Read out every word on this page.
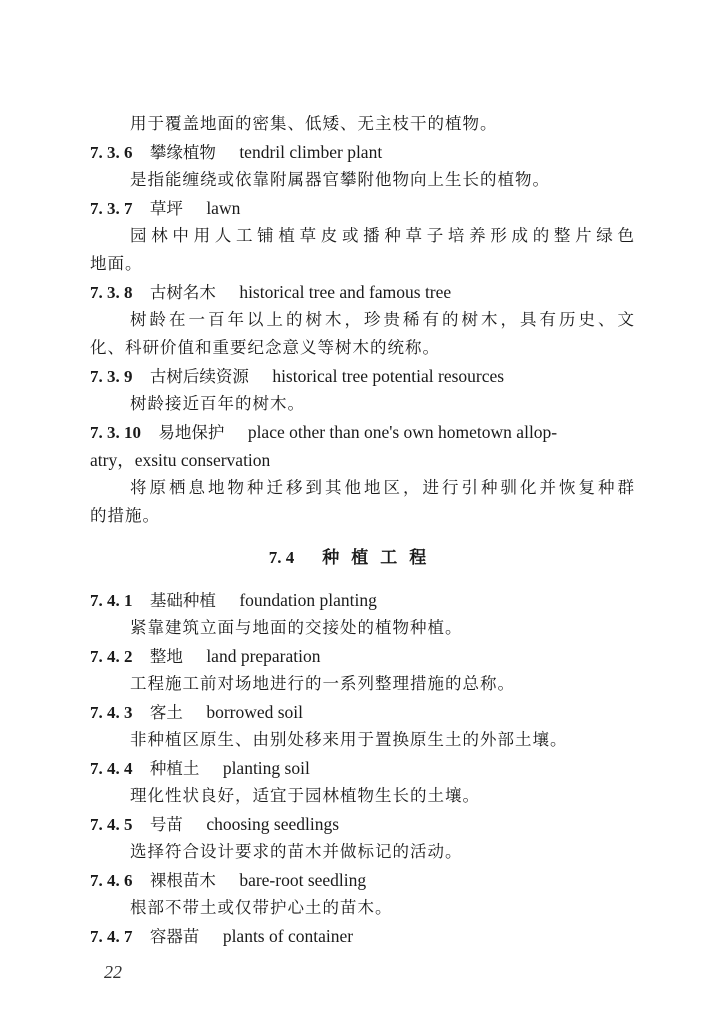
用于覆盖地面的密集、低矮、无主枝干的植物。
7. 3. 6 攀缘植物 tendril climber plant
是指能缠绕或依靠附属器官攀附他物向上生长的植物。
7. 3. 7 草坪 lawn
园林中用人工铺植草皮或播种草子培养形成的整片绿色
地面。
7. 3. 8 古树名木 historical tree and famous tree
树龄在一百年以上的树木，珍贵稀有的树木，具有历史、文
化、科研价值和重要纪念意义等树木的统称。
7. 3. 9 古树后续资源 historical tree potential resources
树龄接近百年的树木。
7. 3. 10 易地保护 place other than one's own hometown allop-
atry，exsitu conservation
将原栖息地物种迁移到其他地区，进行引种驯化并恢复种群
的措施。
7. 4 种植工程
7. 4. 1 基础种植 foundation planting
紧靠建筑立面与地面的交接处的植物种植。
7. 4. 2 整地 land preparation
工程施工前对场地进行的一系列整理措施的总称。
7. 4. 3 客土 borrowed soil
非种植区原生、由别处移来用于置换原生土的外部土壤。
7. 4. 4 种植土 planting soil
理化性状良好，适宜于园林植物生长的土壤。
7. 4. 5 号苗 choosing seedlings
选择符合设计要求的苗木并做标记的活动。
7. 4. 6 裸根苗木 bare-root seedling
根部不带土或仅带护心土的苗木。
7. 4. 7 容器苗 plants of container
22
